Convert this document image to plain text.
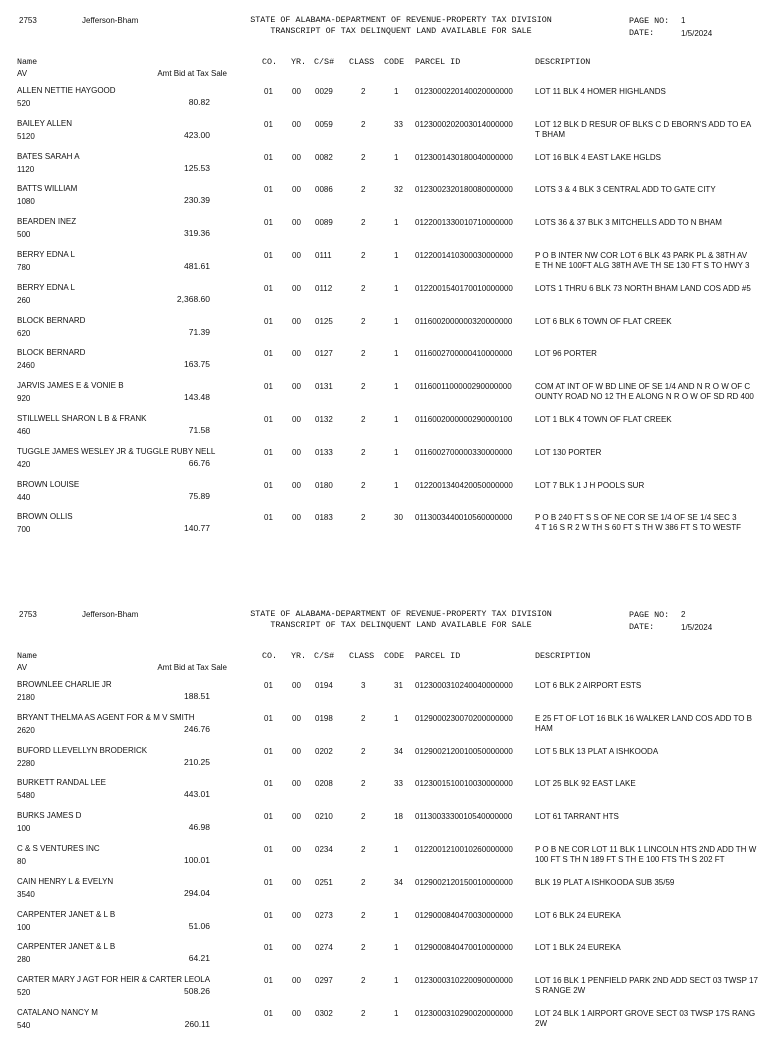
2753	Jefferson-Bham	STATE OF ALABAMA-DEPARTMENT OF REVENUE-PROPERTY TAX DIVISION
TRANSCRIPT OF TAX DELINQUENT LAND AVAILABLE FOR SALE
PAGE NO: 1
DATE:	1/5/2024
Name
AV	Amt Bid at Tax Sale
CO. YR. C/S# CLASS CODE PARCEL ID	DESCRIPTION
ALLEN NETTIE HAYGOOD
520	80.82
01 00 0029	2	1 0123000220140020000000	LOT 11 BLK 4 HOMER HIGHLANDS
BAILEY ALLEN
5120	423.00
01 00 0059	2	33 0123000202003014000000	LOT 12 BLK D RESUR OF BLKS C D EBORN'S ADD TO EA
T BHAM
BATES SARAH A
1120	125.53
01 00 0082	2	1 0123001430180040000000	LOT 16 BLK 4 EAST LAKE HGLDS
BATTS WILLIAM
1080	230.39
01 00 0086	2	32 0123002320180080000000	LOTS 3 & 4 BLK 3 CENTRAL ADD TO GATE CITY
BEARDEN INEZ
500	319.36
01 00 0089	2	1 0122001330010710000000	LOTS 36 & 37 BLK 3 MITCHELLS ADD TO N BHAM
BERRY EDNA L
780	481.61
01 00 0111	2	1 0122001410300030000000	P O B INTER NW COR LOT 6 BLK 43 PARK PL & 38TH AV
E TH NE 100FT ALG 38TH AVE TH SE 130 FT S TO HWY 3
BERRY EDNA L
260	2,368.60
01 00 0112	2	1 0122001540170010000000	LOTS 1 THRU 6 BLK 73 NORTH BHAM LAND COS ADD #5
BLOCK BERNARD
620	71.39
01 00 0125	2	1 0116002000000320000000	LOT 6 BLK 6 TOWN OF FLAT CREEK
BLOCK BERNARD
2460	163.75
01 00 0127	2	1 0116002700000410000000	LOT 96 PORTER
JARVIS JAMES E & VONIE B
920	143.48
01 00 0131	2	1 0116001100000290000000	COM AT INT OF W BD LINE OF SE 1/4 AND N R O W OF C
OUNTY ROAD NO 12 TH E ALONG N R O W OF SD RD 400
STILLWELL SHARON L B & FRANK
460	71.58
01 00 0132	2	1 0116002000000290000100	LOT 1 BLK 4 TOWN OF FLAT CREEK
TUGGLE JAMES WESLEY JR & TUGGLE RUBY NELL
420	66.76
01 00 0133	2	1 0116002700000330000000	LOT 130 PORTER
BROWN LOUISE
440	75.89
01 00 0180	2	1 0122001340420050000000	LOT 7 BLK 1 J H POOLS SUR
BROWN OLLIS
700	140.77
01 00 0183	2	30 0113003440010560000000	P O B 240 FT S S OF NE COR SE 1/4 OF SE 1/4 SEC 3
4 T 16 S R 2 W TH S 60 FT S TH W 386 FT S TO WESTF
2753	Jefferson-Bham	STATE OF ALABAMA-DEPARTMENT OF REVENUE-PROPERTY TAX DIVISION
TRANSCRIPT OF TAX DELINQUENT LAND AVAILABLE FOR SALE
PAGE NO: 2
DATE:	1/5/2024
Name
AV	Amt Bid at Tax Sale
CO. YR. C/S# CLASS CODE PARCEL ID	DESCRIPTION
BROWNLEE CHARLIE JR
2180	188.51
01 00 0194	3	31 0123000310240040000000	LOT 6 BLK 2 AIRPORT ESTS
BRYANT THELMA AS AGENT FOR & M V SMITH
2620	246.76
01 00 0198	2	1 0129000230070200000000	E 25 FT OF LOT 16 BLK 16 WALKER LAND COS ADD TO B
HAM
BUFORD LLEVELLYN BRODERICK
2280	210.25
01 00 0202	2	34 0129002120010050000000	LOT 5 BLK 13 PLAT A ISHKOODA
BURKETT RANDAL LEE
5480	443.01
01 00 0208	2	33 0123001510010030000000	LOT 25 BLK 92 EAST LAKE
BURKS JAMES D
100	46.98
01 00 0210	2	18 0113003330010540000000	LOT 61 TARRANT HTS
C & S VENTURES INC
80	100.01
01 00 0234	2	1 0122001210010260000000	P O B NE COR LOT 11 BLK 1 LINCOLN HTS 2ND ADD TH W
100 FT S TH N 189 FT S TH E 100 FTS TH S 202 FT
CAIN HENRY L & EVELYN
3540	294.04
01 00 0251	2	34 0129002120150010000000	BLK 19 PLAT A ISHKOODA SUB 35/59
CARPENTER JANET & L B
100	51.06
01 00 0273	2	1 0129000840470030000000	LOT 6 BLK 24 EUREKA
CARPENTER JANET & L B
280	64.21
01 00 0274	2	1 0129000840470010000000	LOT 1 BLK 24 EUREKA
CARTER MARY J AGT FOR HEIR & CARTER LEOLA
520	508.26
01 00 0297	2	1 0123000310220090000000	LOT 16 BLK 1 PENFIELD PARK 2ND ADD SECT 03 TWSP 17
S RANGE 2W
CATALANO NANCY M
540	260.11
01 00 0302	2	1 0123000310290020000000	LOT 24 BLK 1 AIRPORT GROVE SECT 03 TWSP 17S RANG
2W
